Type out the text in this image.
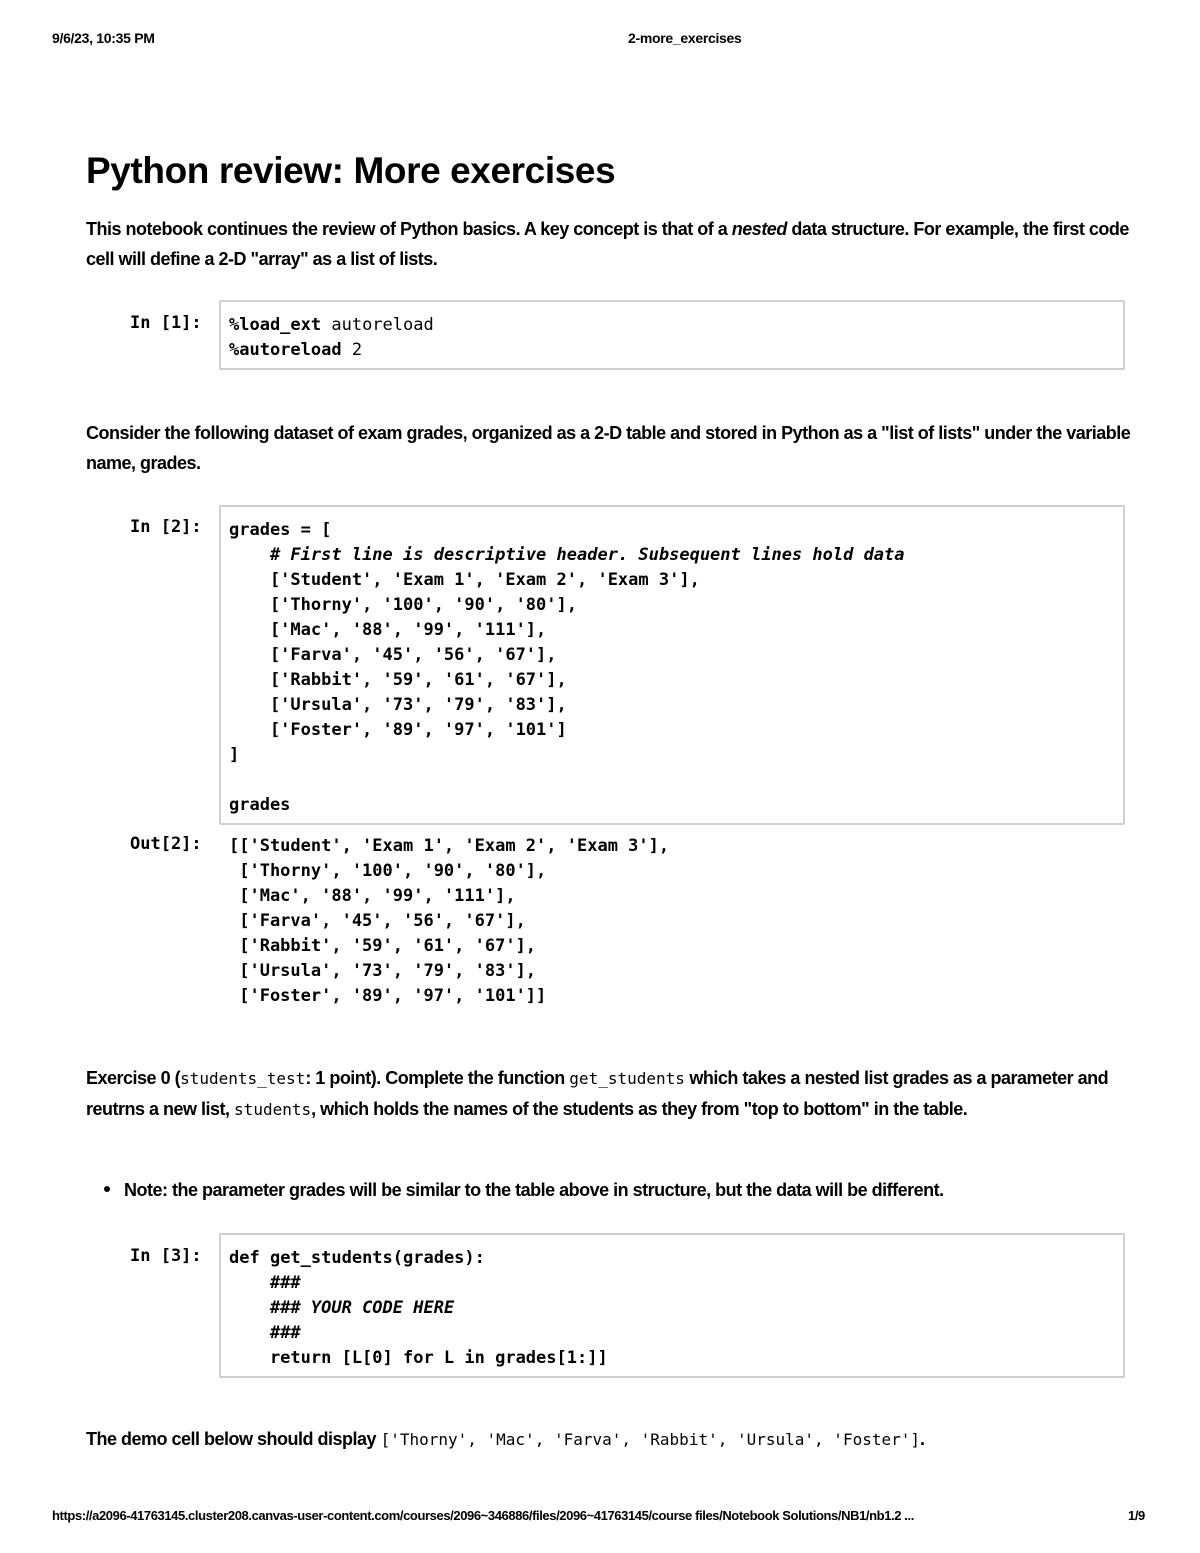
9/6/23, 10:35 PM	2-more_exercises
Python review: More exercises

This notebook continues the review of Python basics. A key concept is that of a nested data structure. For example, the first code cell will define a 2-D "array" as a list of lists.

In [1]: %load_ext autoreload
%autoreload 2

Consider the following dataset of exam grades, organized as a 2-D table and stored in Python as a "list of lists" under the variable name, grades.

In [2]: grades = [
# First line is descriptive header. Subsequent lines hold data
['Student', 'Exam 1', 'Exam 2', 'Exam 3'],
['Thorny', '100', '90', '80'],
['Mac', '88', '99', '111'],
['Farva', '45', '56', '67'],
['Rabbit', '59', '61', '67'],
['Ursula', '73', '79', '83'],
['Foster', '89', '97', '101']
]

grades
Out[2]: [['Student', 'Exam 1', 'Exam 2', 'Exam 3'],
['Thorny', '100', '90', '80'],
['Mac', '88', '99', '111'],
['Farva', '45', '56', '67'],
['Rabbit', '59', '61', '67'],
['Ursula', '73', '79', '83'],
['Foster', '89', '97', '101']]

Exercise 0 (students_test: 1 point). Complete the function get_students which takes a nested list grades as a parameter and reutrns a new list, students, which holds the names of the students as they from "top to bottom" in the table.

Note: the parameter grades will be similar to the table above in structure, but the data will be different.
In [3]: def get_students(grades):
###
### YOUR CODE HERE
###
return [L[0] for L in grades[1:]]

The demo cell below should display ['Thorny', 'Mac', 'Farva', 'Rabbit', 'Ursula', 'Foster'].

https://a2096-41763145.cluster208.canvas-user-content.com/courses/2096~346886/files/2096~41763145/course files/Notebook Solutions/NB1/nb1.2 ...	1/9
